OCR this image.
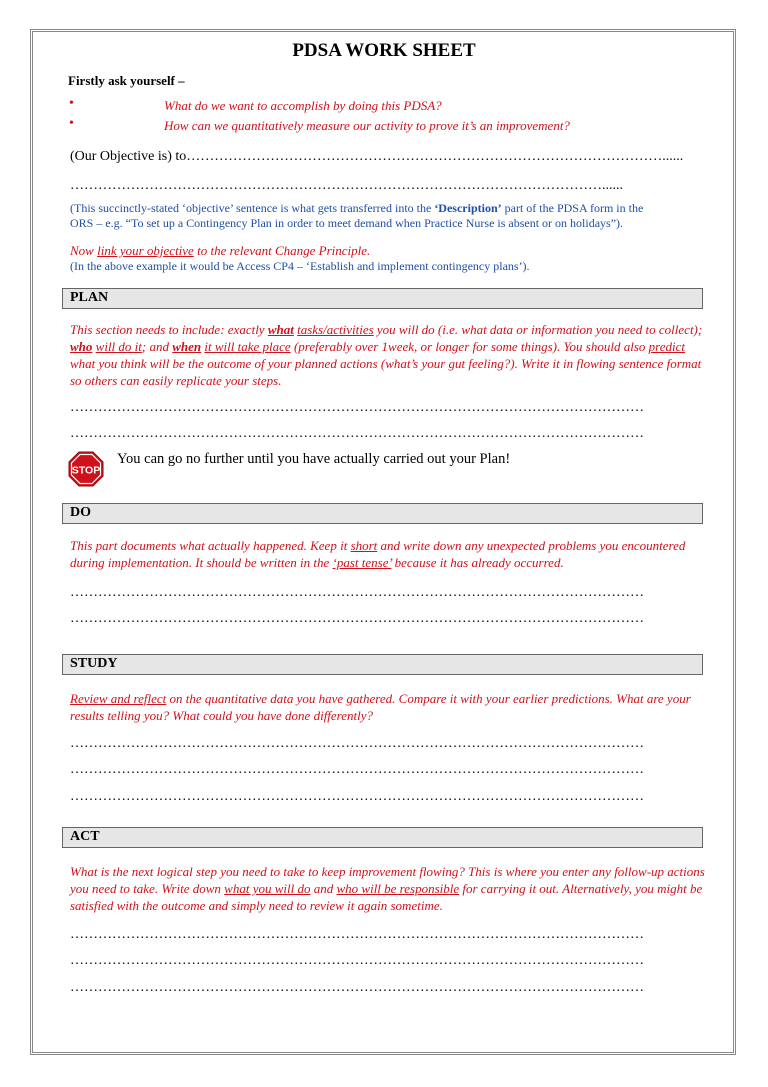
PDSA WORK SHEET
Firstly ask yourself –
•	What do we want to accomplish by doing this PDSA?
•	How can we quantitatively measure our activity to prove it’s an improvement?
(Our Objective is) to…………………………………………………………………………………………......
……………………………………………………………………………………………………......
(This succinctly-stated ‘objective’ sentence is what gets transferred into the ‘Description’ part of the PDSA form in the
ORS – e.g. “To set up a Contingency Plan in order to meet demand when Practice Nurse is absent or on holidays”).
Now link your objective to the relevant Change Principle.
(In the above example it would be Access CP4 – ‘Establish and implement contingency plans’).
PLAN
This section needs to include: exactly what tasks/activities you will do (i.e. what data or information you need to collect); who will do it; and when it will take place (preferably over 1week, or longer for some things). You should also predict what you think will be the outcome of your planned actions (what’s your gut feeling?). Write it in flowing sentence format so others can easily replicate your steps.
……………………………………………………………………………………………………………
……………………………………………………………………………………………………………
STOP
You can go no further until you have actually carried out your Plan!
DO
This part documents what actually happened. Keep it short and write down any unexpected problems you encountered during implementation. It should be written in the ‘past tense’ because it has already occurred.
……………………………………………………………………………………………………………
……………………………………………………………………………………………………………
STUDY
Review and reflect on the quantitative data you have gathered. Compare it with your earlier predictions. What are your results telling you? What could you have done differently?
……………………………………………………………………………………………………………
……………………………………………………………………………………………………………
……………………………………………………………………………………………………………
ACT
What is the next logical step you need to take to keep improvement flowing? This is where you enter any follow-up actions you need to take. Write down what you will do and who will be responsible for carrying it out. Alternatively, you might be satisfied with the outcome and simply need to review it again sometime.
……………………………………………………………………………………………………………
……………………………………………………………………………………………………………
……………………………………………………………………………………………………………
